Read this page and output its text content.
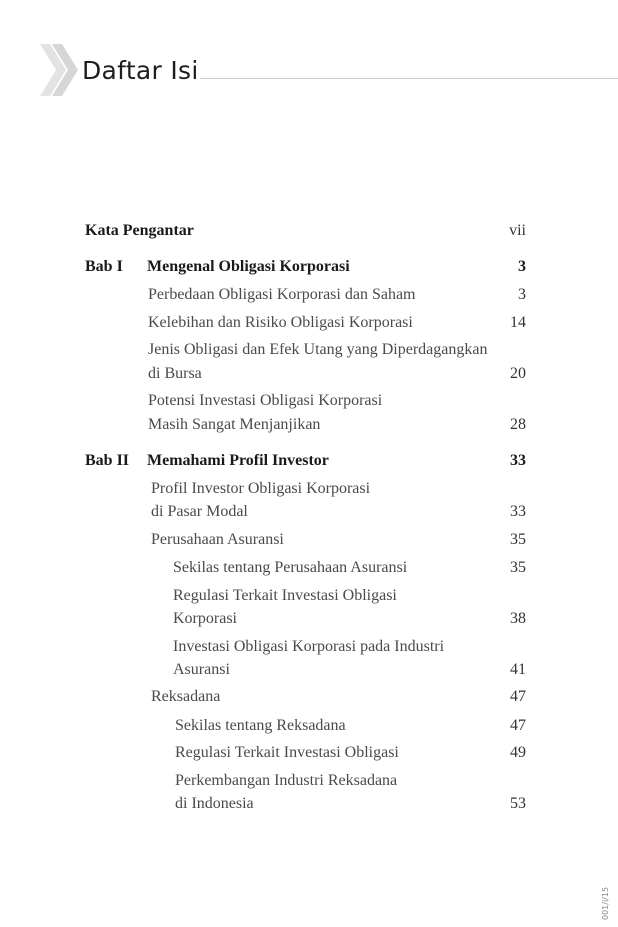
Daftar Isi
Kata Pengantar	vii
Bab I Mengenal Obligasi Korporasi	3
Perbedaan Obligasi Korporasi dan Saham	3
Kelebihan dan Risiko Obligasi Korporasi	14
Jenis Obligasi dan Efek Utang yang Diperdagangkan
di Bursa	20
Potensi Investasi Obligasi Korporasi
Masih Sangat Menjanjikan	28
Bab II Memahami Profil Investor	33
Profil Investor Obligasi Korporasi
di Pasar Modal	33
Perusahaan Asuransi	35
Sekilas tentang Perusahaan Asuransi	35
Regulasi Terkait Investasi Obligasi
Korporasi	38
Investasi Obligasi Korporasi pada Industri
Asuransi	41
Reksadana	47
Sekilas tentang Reksadana	47
Regulasi Terkait Investasi Obligasi	49
Perkembangan Industri Reksadana
di Indonesia	53
001/i/15
